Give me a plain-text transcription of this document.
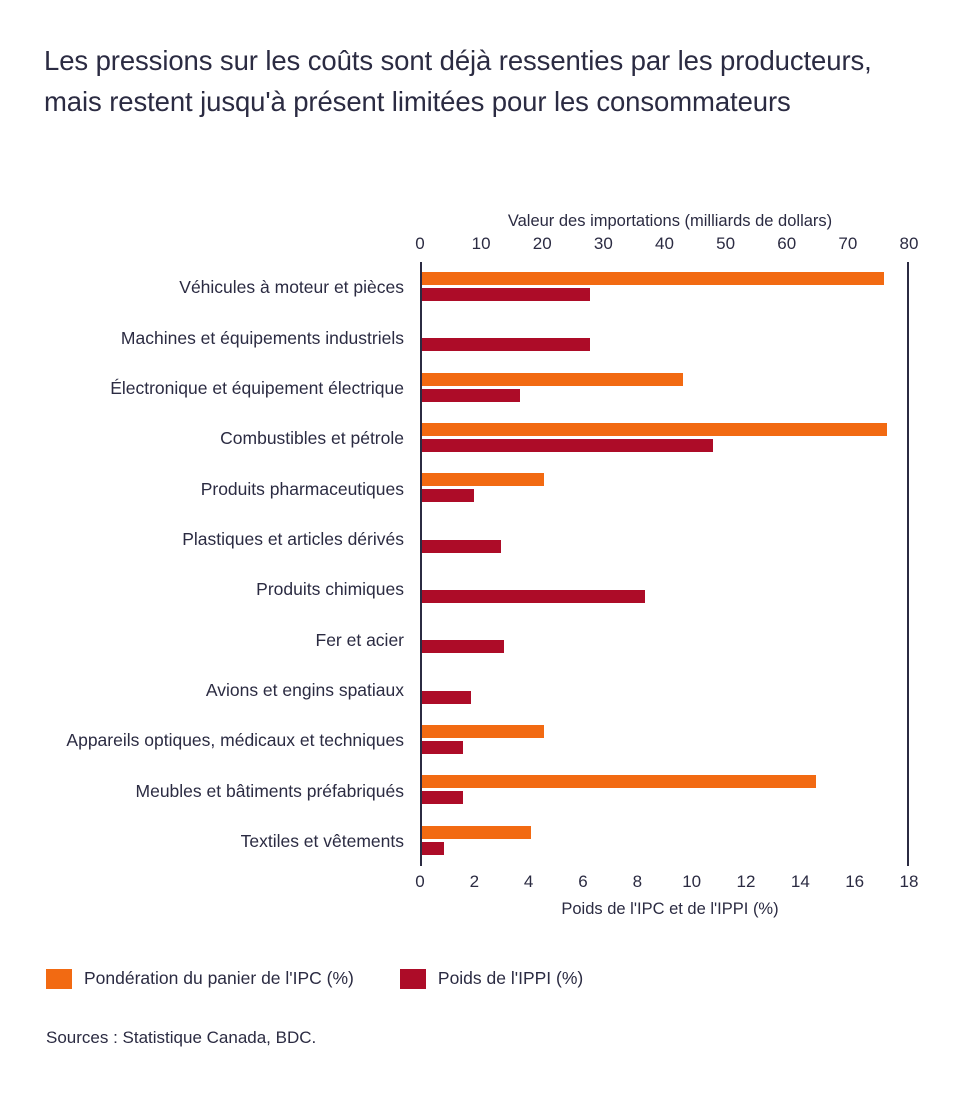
Les pressions sur les coûts sont déjà ressenties par les producteurs, mais restent jusqu'à présent limitées pour les consommateurs
Valeur des importations (milliards de dollars)
0	10 20 30 40 50 60 70 80
Véhicules à moteur et pièces
Machines et équipements industriels
Électronique et équipement électrique
Combustibles et pétrole
Produits pharmaceutiques
Plastiques et articles dérivés
Produits chimiques
Fer et acier
Avions et engins spatiaux
Appareils optiques, médicaux et techniques
Meubles et bâtiments préfabriqués
Textiles et vêtements
0	2	4	6	8 10 12 14 16 18
Poids de l'IPC et de l'IPPI (%)
Pondération du panier de l'IPC (%)	Poids de l'IPPI (%)
Sources : Statistique Canada, BDC.
